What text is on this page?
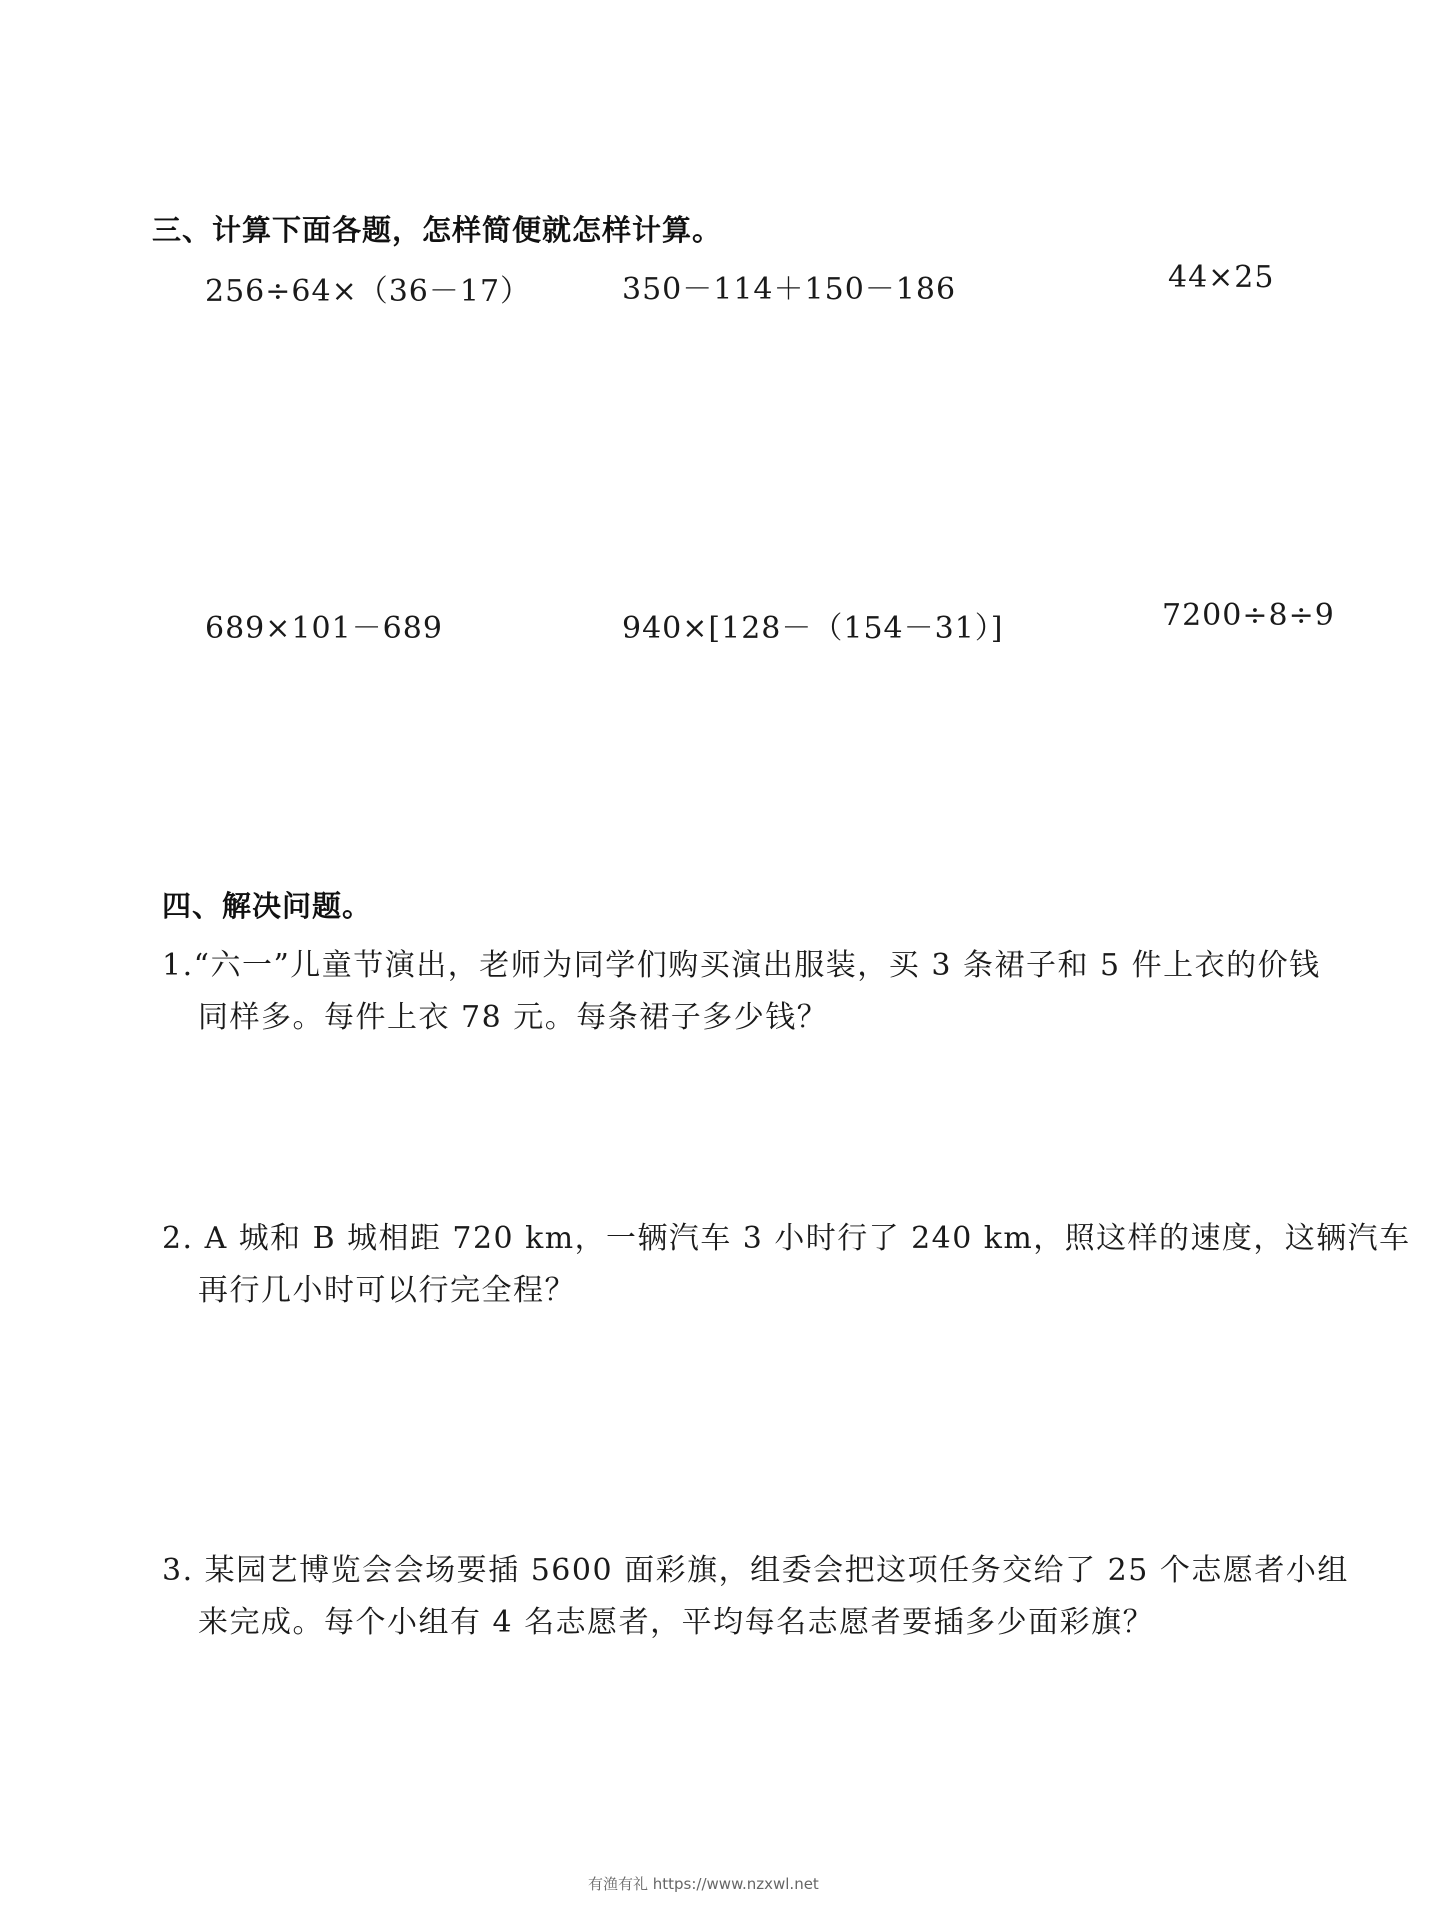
三、计算下面各题，怎样简便就怎样计算。
256÷64×（36－17）	350－114＋150－186	44×25
689×101－689	940×[128－（154－31）]	7200÷8÷9
四、解决问题。
1.“六一”儿童节演出，老师为同学们购买演出服装，买 3 条裙子和 5 件上衣的价钱
同样多。每件上衣 78 元。每条裙子多少钱？
2. A 城和 B 城相距 720 km，一辆汽车 3 小时行了 240 km，照这样的速度，这辆汽车
再行几小时可以行完全程？
3. 某园艺博览会会场要插 5600 面彩旗，组委会把这项任务交给了 25 个志愿者小组
来完成。每个小组有 4 名志愿者，平均每名志愿者要插多少面彩旗？
有渔有礼 https://www.nzxwl.net
